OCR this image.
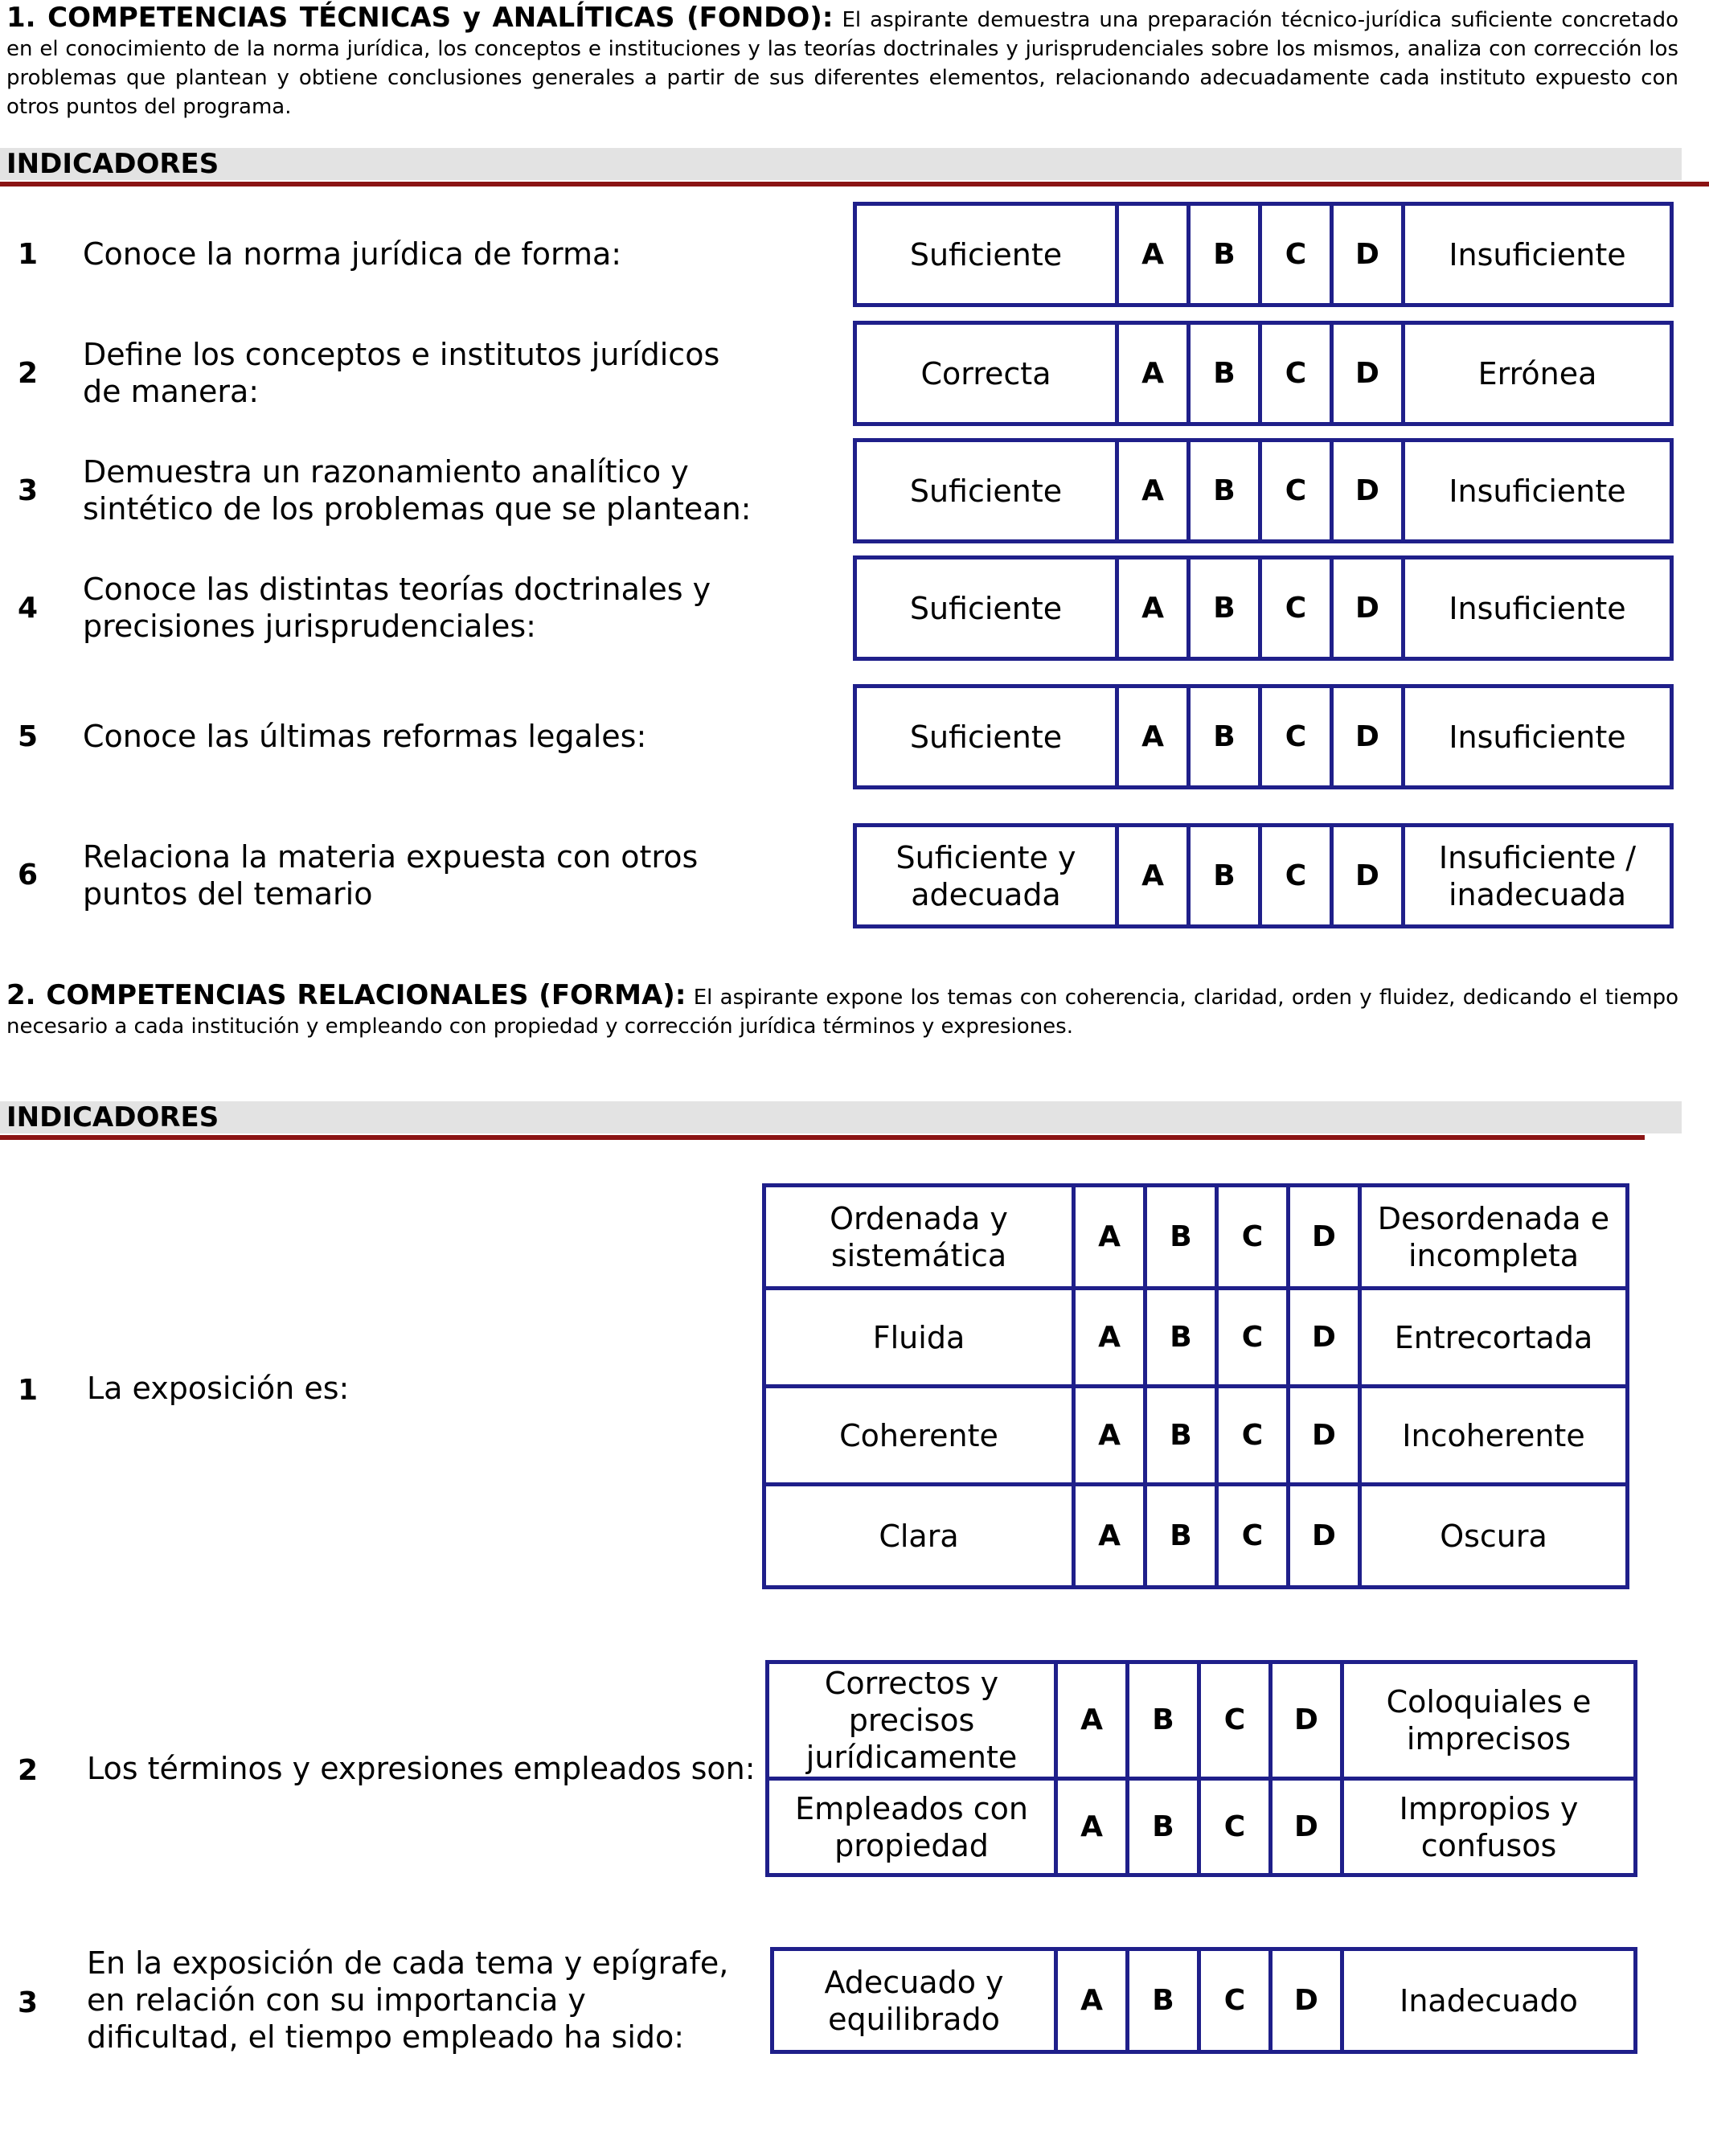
1. COMPETENCIAS TÉCNICAS y ANALÍTICAS (FONDO): El aspirante demuestra una preparación técnico-jurídica suficiente concretado en el conocimiento de la norma jurídica, los conceptos e instituciones y las teorías doctrinales y jurisprudenciales sobre los mismos, analiza con corrección los problemas que plantean y obtiene conclusiones generales a partir de sus diferentes elementos, relacionando adecuadamente cada instituto expuesto con otros puntos del programa.
INDICADORES
1 Conoce la norma jurídica de forma:	Suficiente	A	B	C	D	Insuficiente
2
Define los conceptos e institutos jurídicos de manera:
Correcta	A	B	C	D	Errónea
3
Demuestra un razonamiento analítico y sintético de los problemas que se plantean:
Suficiente	A	B	C	D	Insuficiente
4
Conoce las distintas teorías doctrinales y precisiones jurisprudenciales:
Suficiente	A	B	C	D	Insuficiente
5 Conoce las últimas reformas legales:	Suficiente	A	B	C	D	Insuficiente
6
Relaciona la materia expuesta con otros puntos del temario
Suficiente y adecuada	A	B	C	D	Insuficiente / inadecuada
2. COMPETENCIAS RELACIONALES (FORMA): El aspirante expone los temas con coherencia, claridad, orden y fluidez, dedicando el tiempo necesario a cada institución y empleando con propiedad y corrección jurídica términos y expresiones.
INDICADORES
1 La exposición es:
Ordenada y sistemática	A	B	C	D	Desordenada e incompleta
Fluida	A	B	C	D	Entrecortada
Coherente	A	B	C	D	Incoherente
Clara	A	B	C	D	Oscura
2 Los términos y expresiones empleados son:
Correctos y precisos jurídicamente	A	B	C	D	Coloquiales e imprecisos
Empleados con propiedad	A	B	C	D	Impropios y confusos
3
En la exposición de cada tema y epígrafe, en relación con su importancia y dificultad, el tiempo empleado ha sido:
Adecuado y equilibrado	A	B	C	D	Inadecuado
